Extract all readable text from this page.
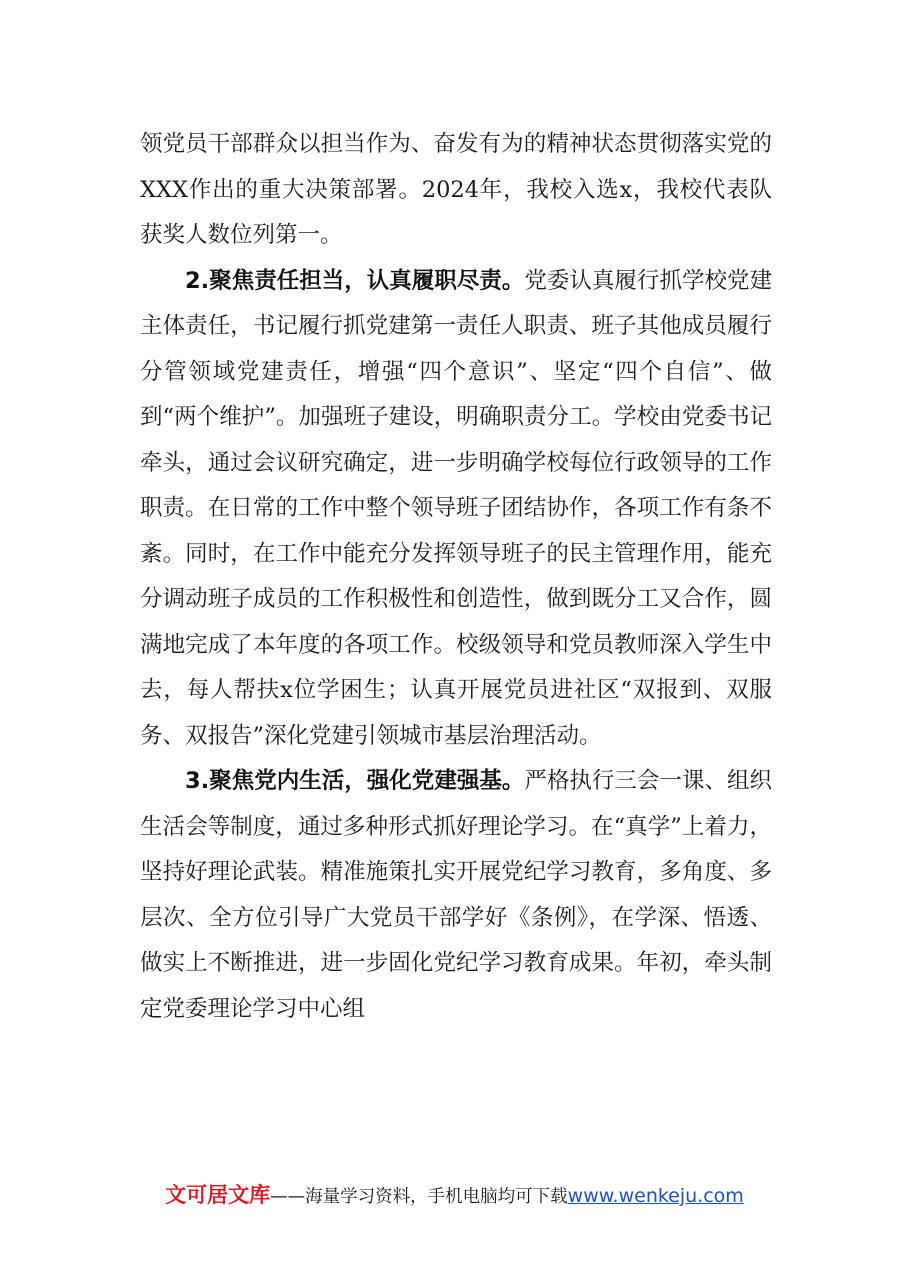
领党员干部群众以担当作为、奋发有为的精神状态贯彻落实党的XXX作出的重大决策部署。2024年，我校入选x，我校代表队获奖人数位列第一。

2.聚焦责任担当，认真履职尽责。党委认真履行抓学校党建主体责任，书记履行抓党建第一责任人职责、班子其他成员履行分管领域党建责任，增强“四个意识”、坚定“四个自信”、做到“两个维护”。加强班子建设，明确职责分工。学校由党委书记牵头，通过会议研究确定，进一步明确学校每位行政领导的工作职责。在日常的工作中整个领导班子团结协作，各项工作有条不紊。同时，在工作中能充分发挥领导班子的民主管理作用，能充分调动班子成员的工作积极性和创造性，做到既分工又合作，圆满地完成了本年度的各项工作。校级领导和党员教师深入学生中去，每人帮扶x位学困生；认真开展党员进社区“双报到、双服务、双报告”深化党建引领城市基层治理活动。

3.聚焦党内生活，强化党建强基。严格执行三会一课、组织生活会等制度，通过多种形式抓好理论学习。在“真学”上着力，坚持好理论武装。精准施策扎实开展党纪学习教育，多角度、多层次、全方位引导广大党员干部学好《条例》，在学深、悟透、做实上不断推进，进一步固化党纪学习教育成果。年初，牵头制定党委理论学习中心组

文可居文库——海量学习资料，手机电脑均可下载www.wenkeju.com
